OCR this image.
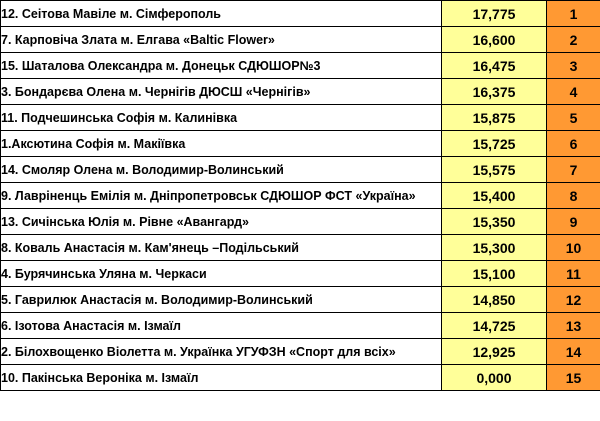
12. Сеітова Мавіле м. Сімферополь	17,775	1
7. Карповіча Злата м. Елгава «Baltic Flower»	16,600	2
15. Шаталова Олександра м. Донецьк СДЮШОР№3	16,475	3
3. Бондарєва Олена м. Чернігів ДЮСШ «Чернігів»	16,375	4
11. Подчешинська Софія м. Калинівка	15,875	5
1.Аксютина Софія м. Макіївка	15,725	6
14. Смоляр Олена м. Володимир-Волинський	15,575	7
9. Лавріненць Емілія м. Дніпропетровськ СДЮШОР ФСТ «Україна»	15,400	8
13. Сичінська Юлія м. Рівне «Авангард»	15,350	9
8. Коваль Анастасія м. Кам'янець –Подільський	15,300	10
4. Бурячинська Уляна м. Черкаси	15,100	11
5. Гаврилюк Анастасія м. Володимир-Волинський	14,850	12
6. Ізотова Анастасія м. Ізмаїл	14,725	13
2. Білохвощенко Віолетта м. Українка УГУФЗН «Спорт для всіх»	12,925	14
10. Пакінська Вероніка м. Ізмаїл	0,000	15
